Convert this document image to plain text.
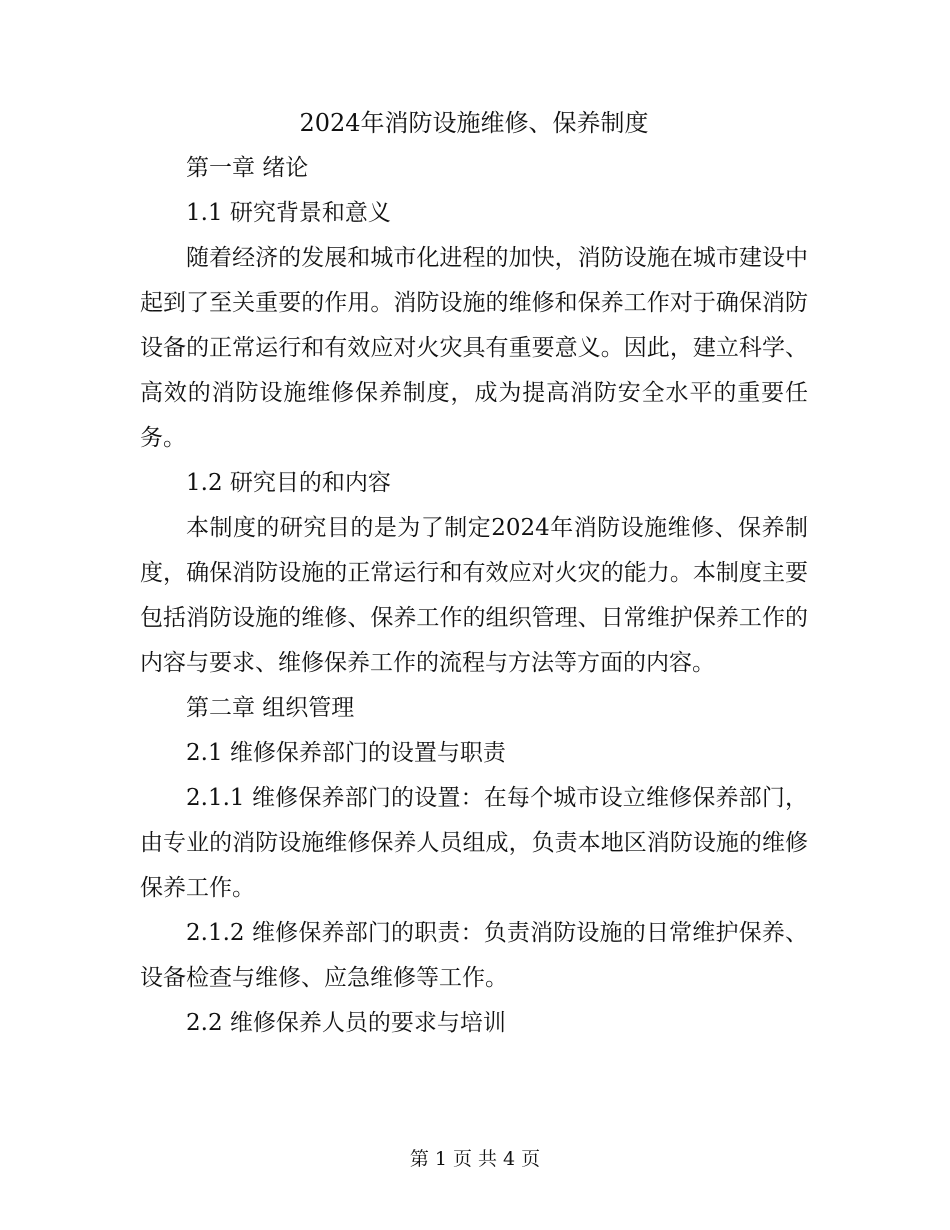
2024年消防设施维修、保养制度

第一章 绪论

1.1 研究背景和意义

随着经济的发展和城市化进程的加快，消防设施在城市建设中起到了至关重要的作用。消防设施的维修和保养工作对于确保消防设备的正常运行和有效应对火灾具有重要意义。因此，建立科学、高效的消防设施维修保养制度，成为提高消防安全水平的重要任务。

1.2 研究目的和内容

本制度的研究目的是为了制定2024年消防设施维修、保养制度，确保消防设施的正常运行和有效应对火灾的能力。本制度主要包括消防设施的维修、保养工作的组织管理、日常维护保养工作的内容与要求、维修保养工作的流程与方法等方面的内容。

第二章 组织管理

2.1 维修保养部门的设置与职责

2.1.1 维修保养部门的设置：在每个城市设立维修保养部门，由专业的消防设施维修保养人员组成，负责本地区消防设施的维修保养工作。

2.1.2 维修保养部门的职责：负责消防设施的日常维护保养、设备检查与维修、应急维修等工作。

2.2 维修保养人员的要求与培训

第 1 页 共 4 页
